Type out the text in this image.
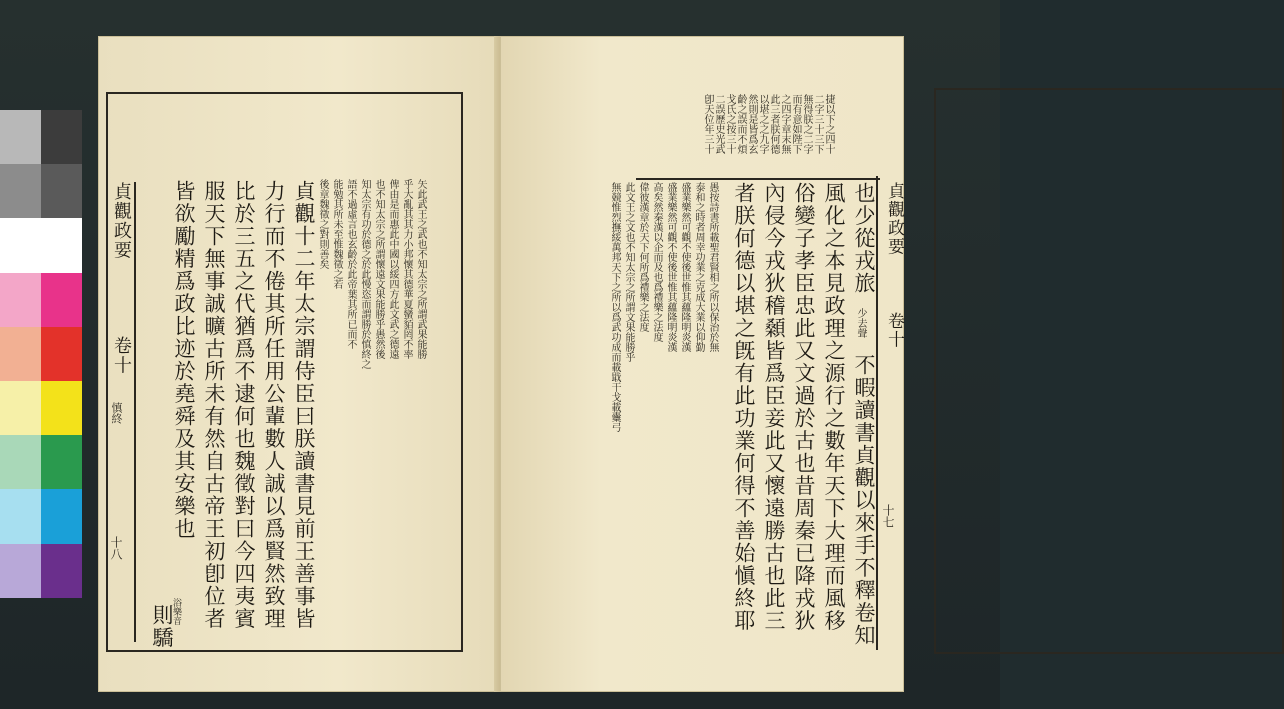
矢此武王之武也不知太宗之所謂武果能勝
乎大亂其其力小邦懷其德華夏蠻貊罔不率
俾由是而惠此中國以綏四方此文武之德遠
也不知太宗之所謂懷遠文果能勝乎愚然後
知太宗有功於德之於此慢恣而謂勝於慎終之
語不過虛言也玄齡於此帝葉其所已而不
能勉其所未至惟魏徵之若
後章魏徵之對則善矣
貞觀十二年太宗謂侍臣曰朕讀書見前王善事皆
力行而不倦其所任用公輩數人誠以爲賢然致理
比於三五之代猶爲不逮何也魏徵對曰今四夷賓
服天下無事誠曠古所未有然自古帝王初卽位者
皆欲勵精爲政比迹於堯舜及其安樂也
浴樂音
則驕
貞觀政要
卷十
慎終
十八
捷以下之四十
二字三十三下
無得朕之二字
而有意如陛下
之四字章末無
此三者朕何德
以堪之之九字
然則是皆爲玄
齡之誤而不煩
戈氏之按三十
二誤歷史光武
卽天位年三十
也少從戎旅
少去聲
不暇讀書貞觀以來手不釋卷知
風化之本見政理之源行之數年天下大理而風移
俗變子孝臣忠此又文過於古也昔周秦已降戎狄
內侵今戎狄稽顙皆爲臣妾此又懷遠勝古也此三
者朕何德以堪之旣有此功業何得不善始愼終耶
愚按詩書所載聖君賢相之所以保治於無
泰和之時者周幸功業之克成大業以仰勤
盛業樂然可觀不使後世惟其蘊隆明炎漢
盛業樂然可觀不使後世惟其蘊隆明炎漢
高矣然秦漢以企而及也爲禮樂之法度
偉彼漢章於天下何所爲禮樂之法度
此文王之文也不知太宗之所謂文果能勝乎
無競惟烈撫綏萬邦天下之所以爲武功成而載戢干戈載櫜弓	貞觀政要
卷十
十七
